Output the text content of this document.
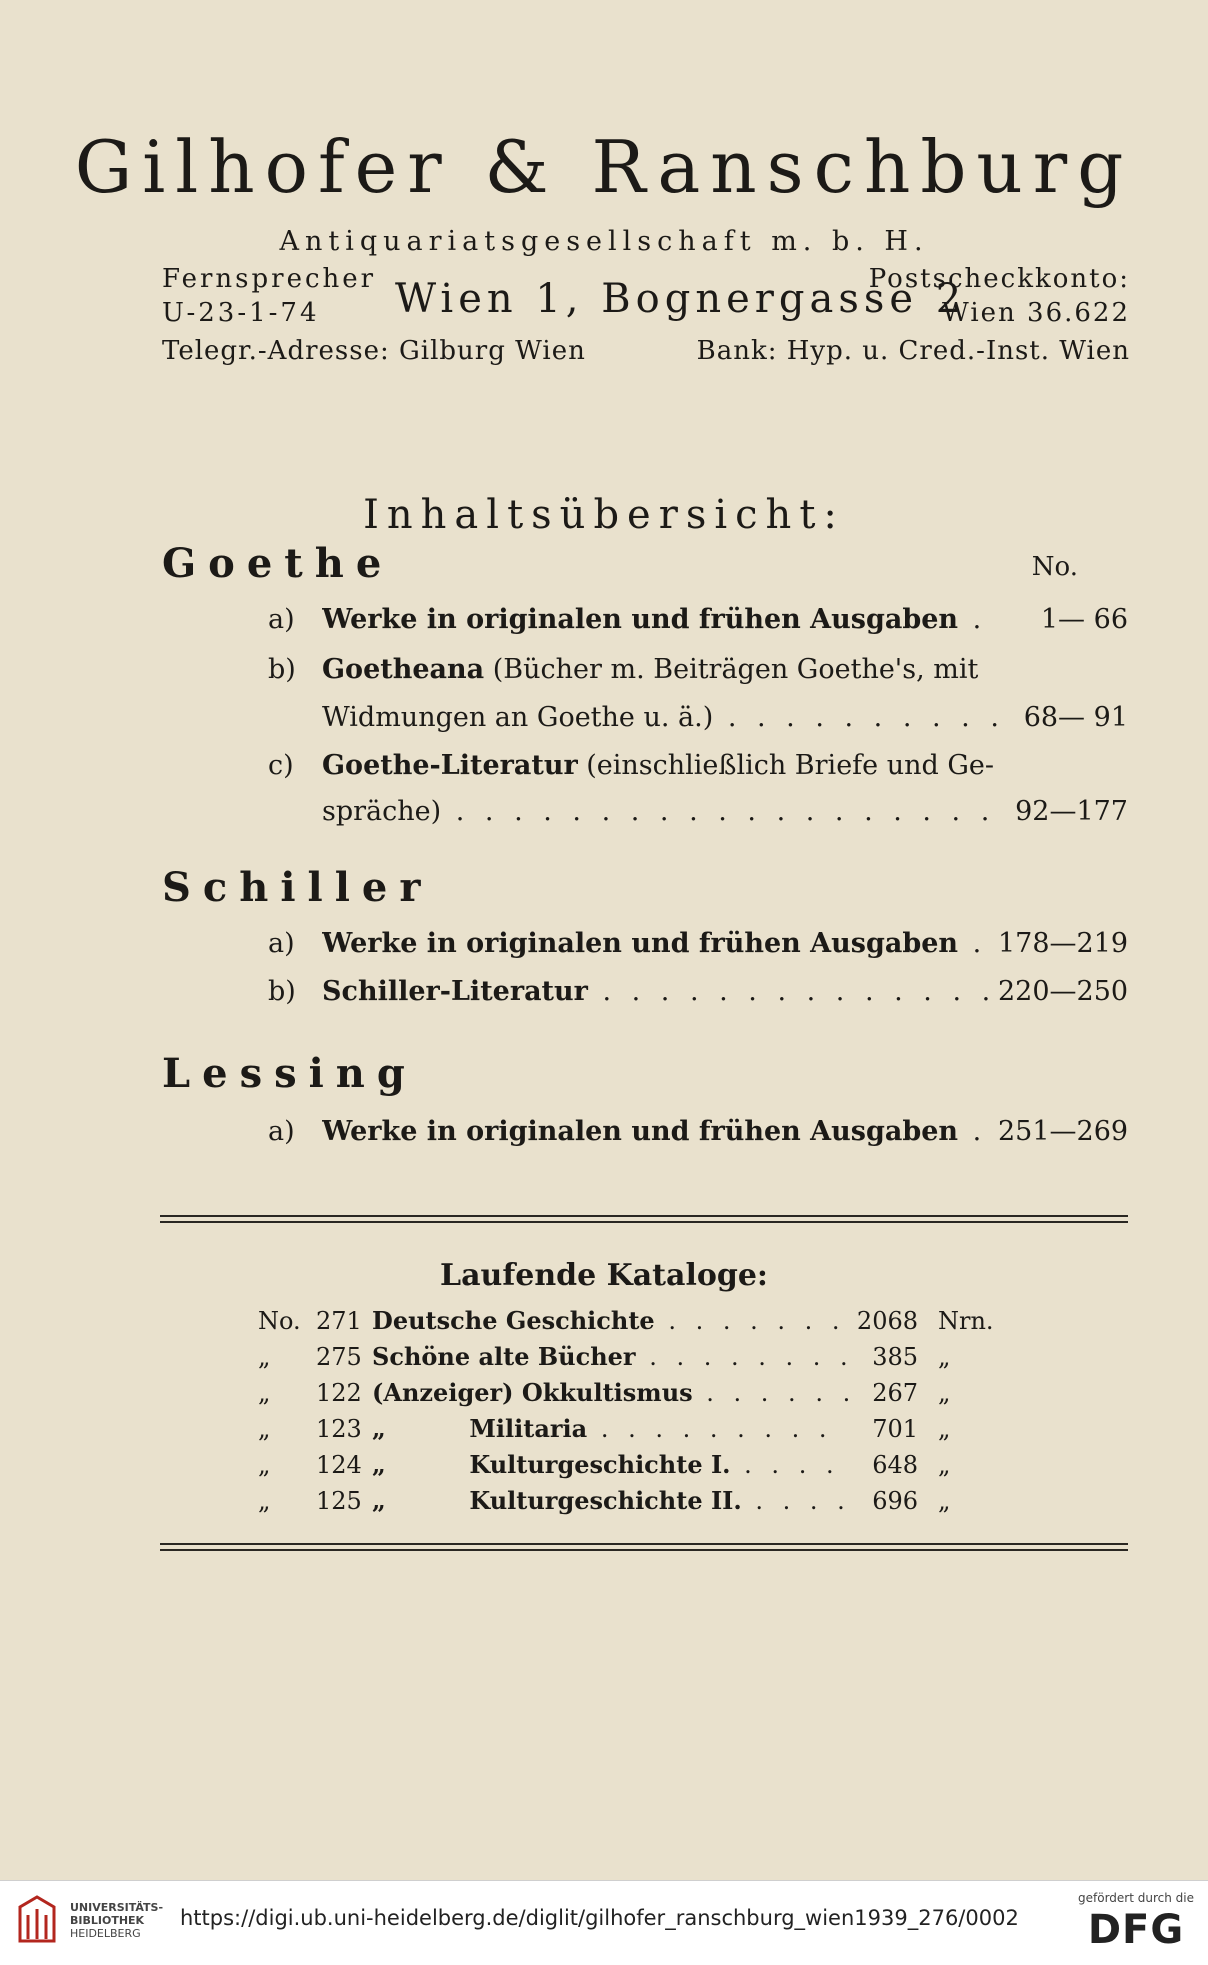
Gilhofer & Ranschburg
Antiquariatsgesellschaft m. b. H.
Fernsprecher
U-23-1-74	Wien 1, Bognergasse 2
Postscheckkonto:
Wien 36.622
Telegr.-Adresse: Gilburg Wien	Bank: Hyp. u. Cred.-Inst. Wien
Inhaltsübersicht:
Goethe	No.
a)	Werke in originalen und frühen Ausgaben . . .	1— 66
b) Goetheana (Bücher m. Beiträgen Goethe's, mit
Widmungen an Goethe u. ä.) . . .	68— 91
c)	Goethe-Literatur (einschließlich Briefe und Ge-
spräche) . . .	92—177
Schiller
a)	Werke in originalen und frühen Ausgaben . . .	178—219
b) Schiller-Literatur . . .	220—250
Lessing
a)	Werke in originalen und frühen Ausgaben . . .	251—269
Laufende Kataloge:
No. 271 Deutsche Geschichte . . .	2068 Nrn.
„	275 Schöne alte Bücher . . .	385 „
„	122 (Anzeiger) Okkultismus . . .	267 „
„	123 „          Militaria . . .	701 „
„	124 „          Kulturgeschichte I. . . .	648 „
„	125 „          Kulturgeschichte II. . . .	696 „
UNIVERSITÄTS-
BIBLIOTHEK
HEIDELBERG
https://digi.ub.uni-heidelberg.de/diglit/gilhofer_ranschburg_wien1939_276/0002
gefördert durch die
DFG
